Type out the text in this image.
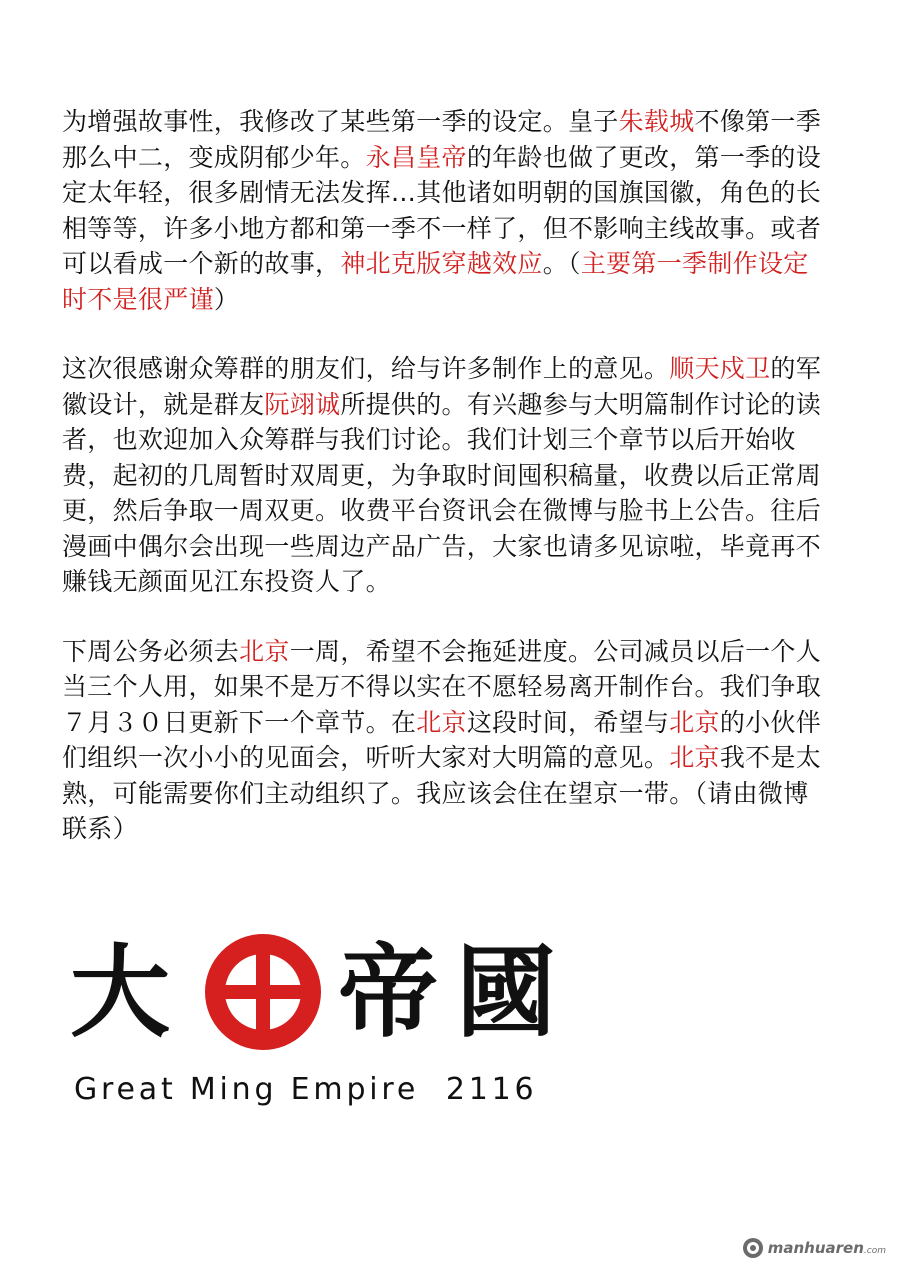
为增强故事性，我修改了某些第一季的设定。皇子朱载城不像第一季那么中二，变成阴郁少年。永昌皇帝的年龄也做了更改，第一季的设定太年轻，很多剧情无法发挥…其他诸如明朝的国旗国徽，角色的长相等等，许多小地方都和第一季不一样了，但不影响主线故事。或者可以看成一个新的故事，神北克版穿越效应。（主要第一季制作设定时不是很严谨）

这次很感谢众筹群的朋友们，给与许多制作上的意见。顺天戍卫的军徽设计，就是群友阮翊诚所提供的。有兴趣参与大明篇制作讨论的读者，也欢迎加入众筹群与我们讨论。我们计划三个章节以后开始收费，起初的几周暂时双周更，为争取时间囤积稿量，收费以后正常周更，然后争取一周双更。收费平台资讯会在微博与脸书上公告。往后漫画中偶尔会出现一些周边产品广告，大家也请多见谅啦，毕竟再不赚钱无颜面见江东投资人了。

下周公务必须去北京一周，希望不会拖延进度。公司减员以后一个人当三个人用，如果不是万不得以实在不愿轻易离开制作台。我们争取７月３０日更新下一个章节。在北京这段时间，希望与北京的小伙伴们组织一次小小的见面会，听听大家对大明篇的意见。北京我不是太熟，可能需要你们主动组织了。我应该会住在望京一带。（请由微博联系）

大 帝 國
Great Ming Empire  2116
manhuaren.com
